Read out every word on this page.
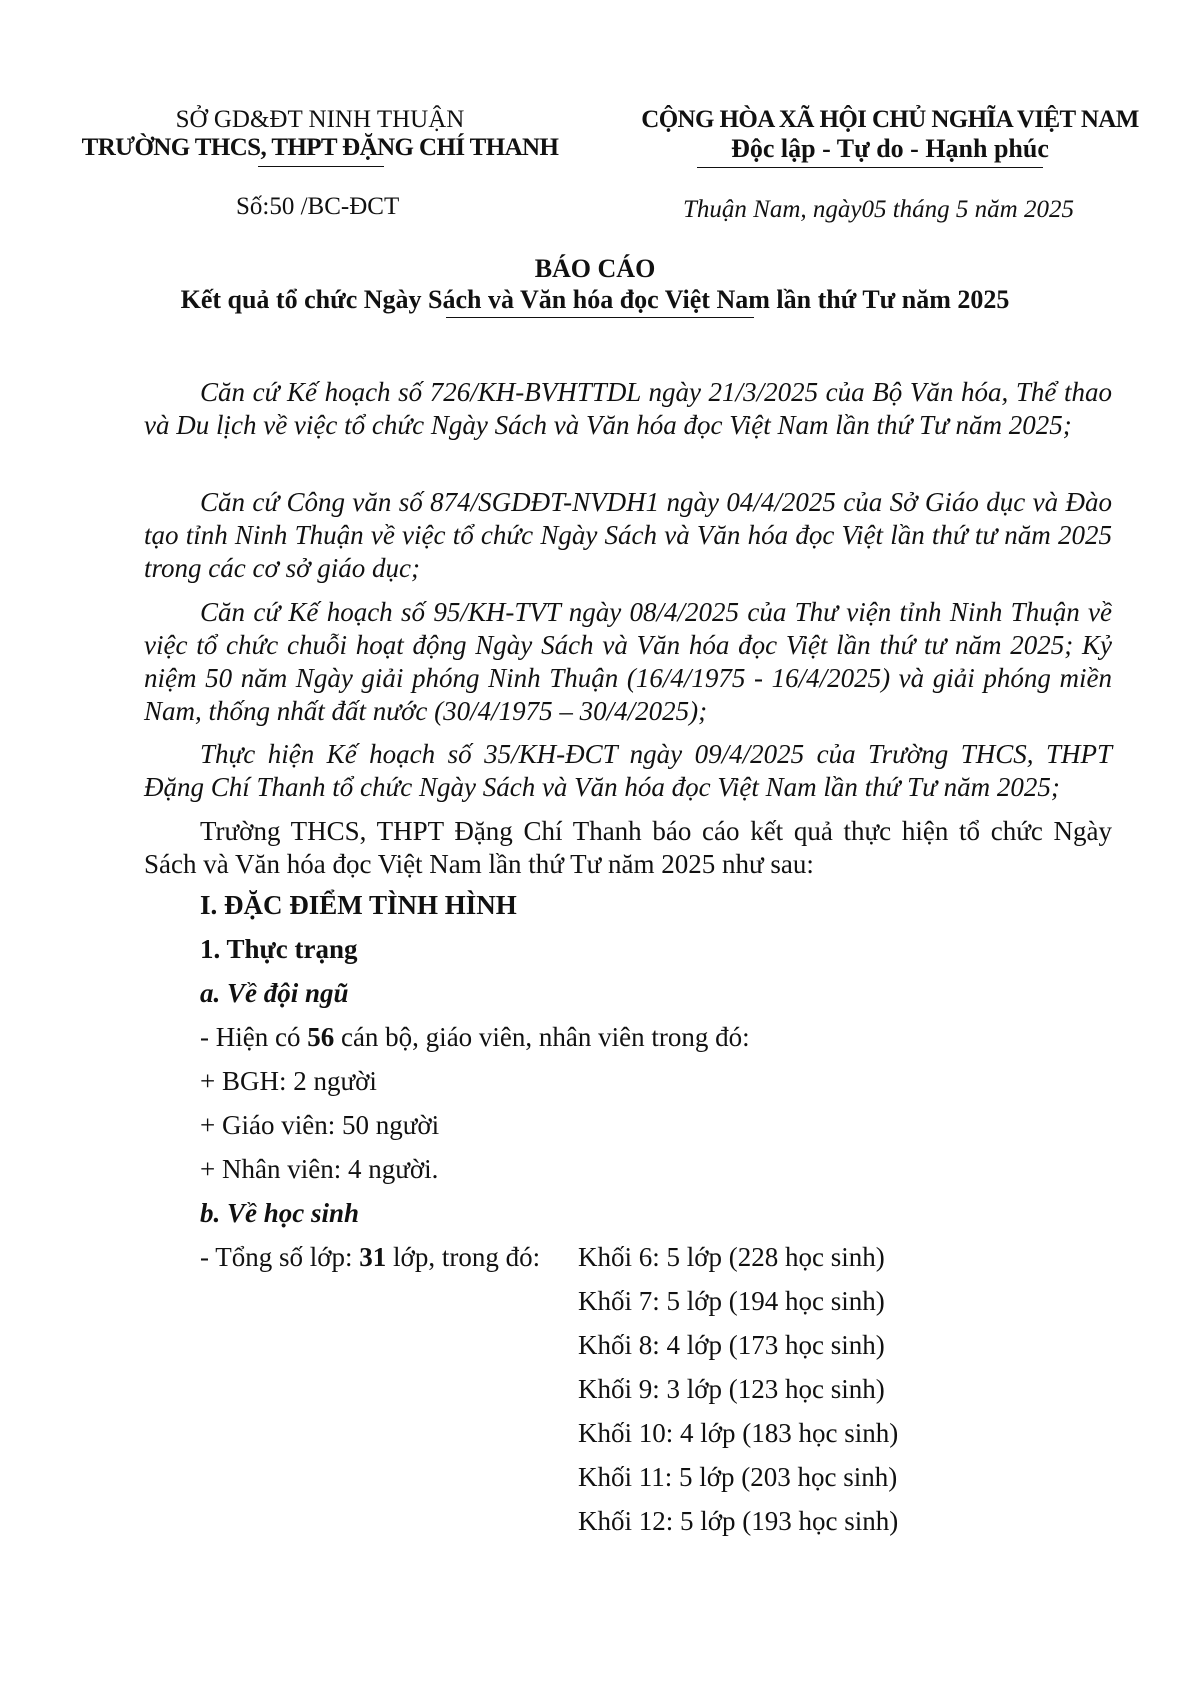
SỞ GD&ĐT NINH THUẬN
TRƯỜNG THCS, THPT ĐẶNG CHÍ THANH
CỘNG HÒA XÃ HỘI CHỦ NGHĨA VIỆT NAM
Độc lập - Tự do - Hạnh phúc
Số:50 /BC-ĐCT	Thuận Nam, ngày05 tháng 5 năm 2025
BÁO CÁO
Kết quả tổ chức Ngày Sách và Văn hóa đọc Việt Nam lần thứ Tư năm 2025
Căn cứ Kế hoạch số 726/KH-BVHTTDL ngày 21/3/2025 của Bộ Văn hóa, Thể thao và Du lịch về việc tổ chức Ngày Sách và Văn hóa đọc Việt Nam lần thứ Tư năm 2025;
Căn cứ Công văn số 874/SGDĐT-NVDH1 ngày 04/4/2025 của Sở Giáo dục và Đào tạo tỉnh Ninh Thuận về việc tổ chức Ngày Sách và Văn hóa đọc Việt lần thứ tư năm 2025 trong các cơ sở giáo dục;
Căn cứ Kế hoạch số 95/KH-TVT ngày 08/4/2025 của Thư viện tỉnh Ninh Thuận về việc tổ chức chuỗi hoạt động Ngày Sách và Văn hóa đọc Việt lần thứ tư năm 2025; Kỷ niệm 50 năm Ngày giải phóng Ninh Thuận (16/4/1975 - 16/4/2025) và giải phóng miền Nam, thống nhất đất nước (30/4/1975 – 30/4/2025);
Thực hiện Kế hoạch số 35/KH-ĐCT ngày 09/4/2025 của Trường THCS, THPT Đặng Chí Thanh tổ chức Ngày Sách và Văn hóa đọc Việt Nam lần thứ Tư năm 2025;
Trường THCS, THPT Đặng Chí Thanh báo cáo kết quả thực hiện tổ chức Ngày Sách và Văn hóa đọc Việt Nam lần thứ Tư năm 2025 như sau:
I. ĐẶC ĐIỂM TÌNH HÌNH
1. Thực trạng
a. Về đội ngũ
- Hiện có 56 cán bộ, giáo viên, nhân viên trong đó:
+ BGH: 2 người
+ Giáo viên: 50 người
+ Nhân viên: 4 người.
b. Về học sinh
- Tổng số lớp: 31 lớp, trong đó: Khối 6: 5 lớp (228 học sinh)
Khối 7: 5 lớp (194 học sinh)
Khối 8: 4 lớp (173 học sinh)
Khối 9: 3 lớp (123 học sinh)
Khối 10: 4 lớp (183 học sinh)
Khối 11: 5 lớp (203 học sinh)
Khối 12: 5 lớp (193 học sinh)
